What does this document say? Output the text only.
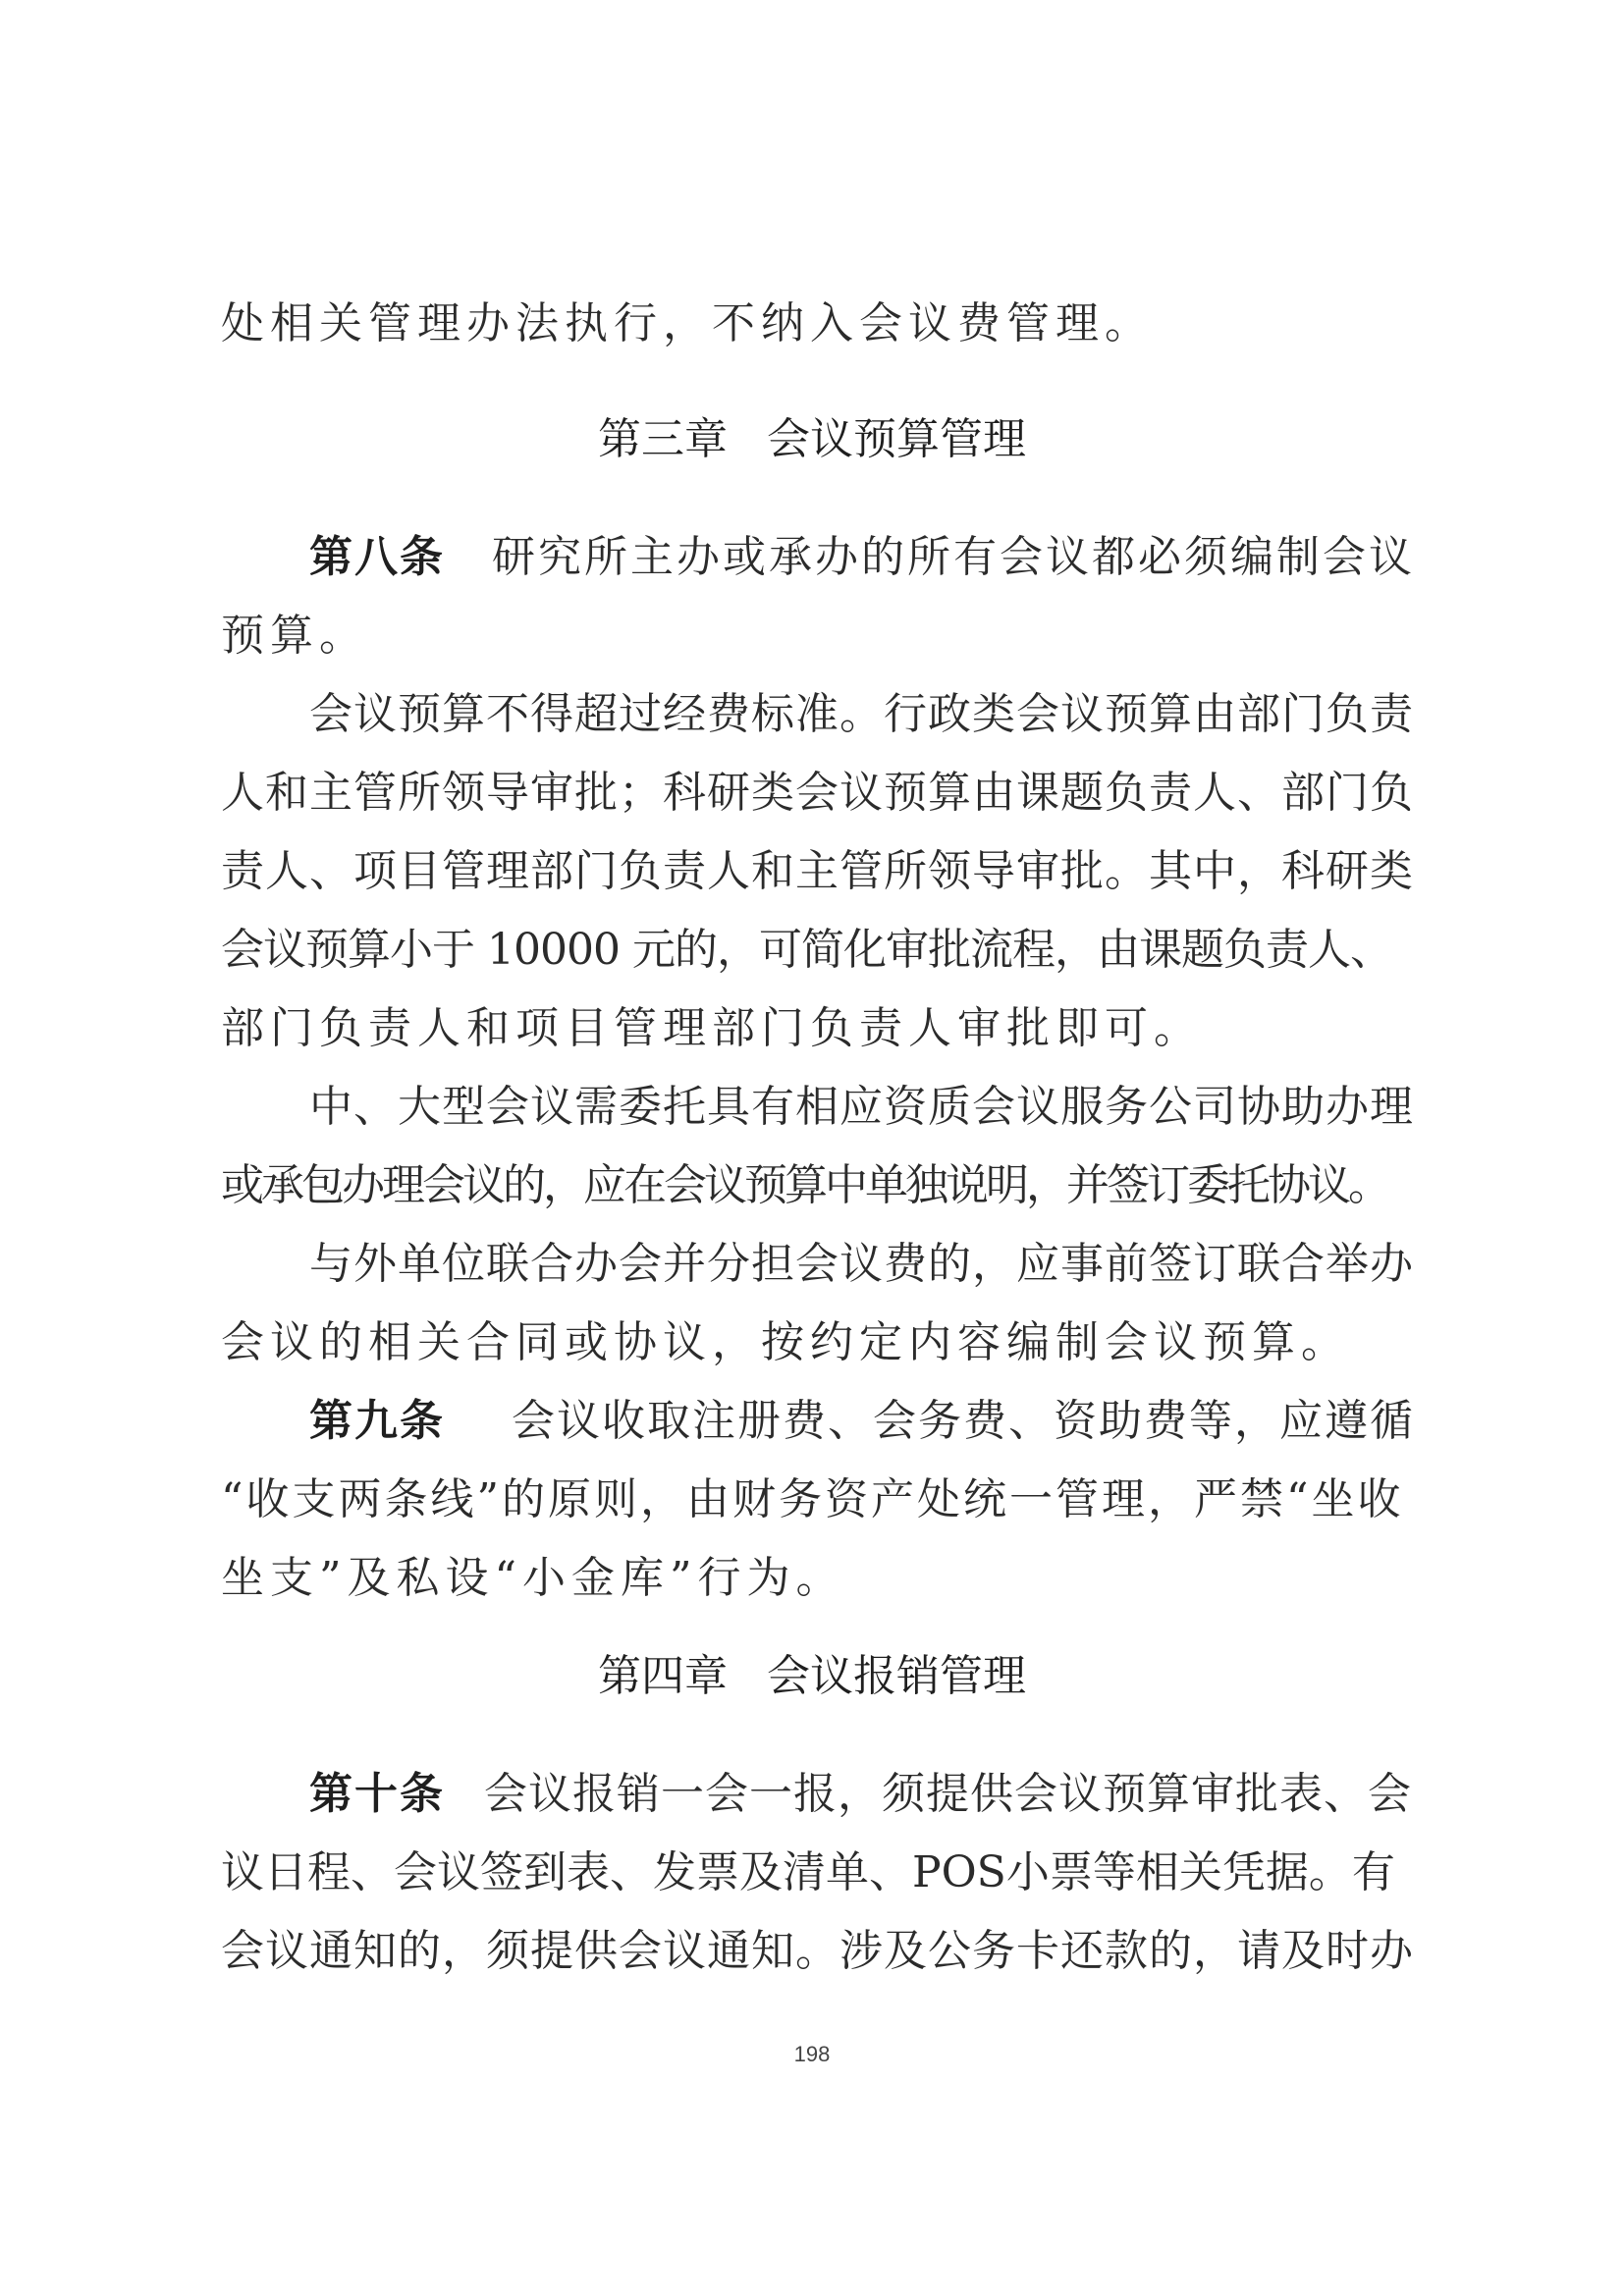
处相关管理办法执行，不纳入会议费管理。
第三章 会议预算管理
第八条 研究所主办或承办的所有会议都必须编制会议
预算。
会议预算不得超过经费标准。行政类会议预算由部门负责
人和主管所领导审批；科研类会议预算由课题负责人、部门负
责人、项目管理部门负责人和主管所领导审批。其中，科研类
会议预算小于 10000 元的，可简化审批流程，由课题负责人、
部门负责人和项目管理部门负责人审批即可。
中、大型会议需委托具有相应资质会议服务公司协助办理
或承包办理会议的，应在会议预算中单独说明，并签订委托协议。
与外单位联合办会并分担会议费的，应事前签订联合举办
会议的相关合同或协议，按约定内容编制会议预算。
第九条 会议收取注册费、会务费、资助费等，应遵循
“收支两条线”的原则，由财务资产处统一管理，严禁“坐收
坐支”及私设“小金库”行为。
第四章 会议报销管理
第十条 会议报销一会一报，须提供会议预算审批表、会
议日程、会议签到表、发票及清单、POS小票等相关凭据。有
会议通知的，须提供会议通知。涉及公务卡还款的，请及时办
198
